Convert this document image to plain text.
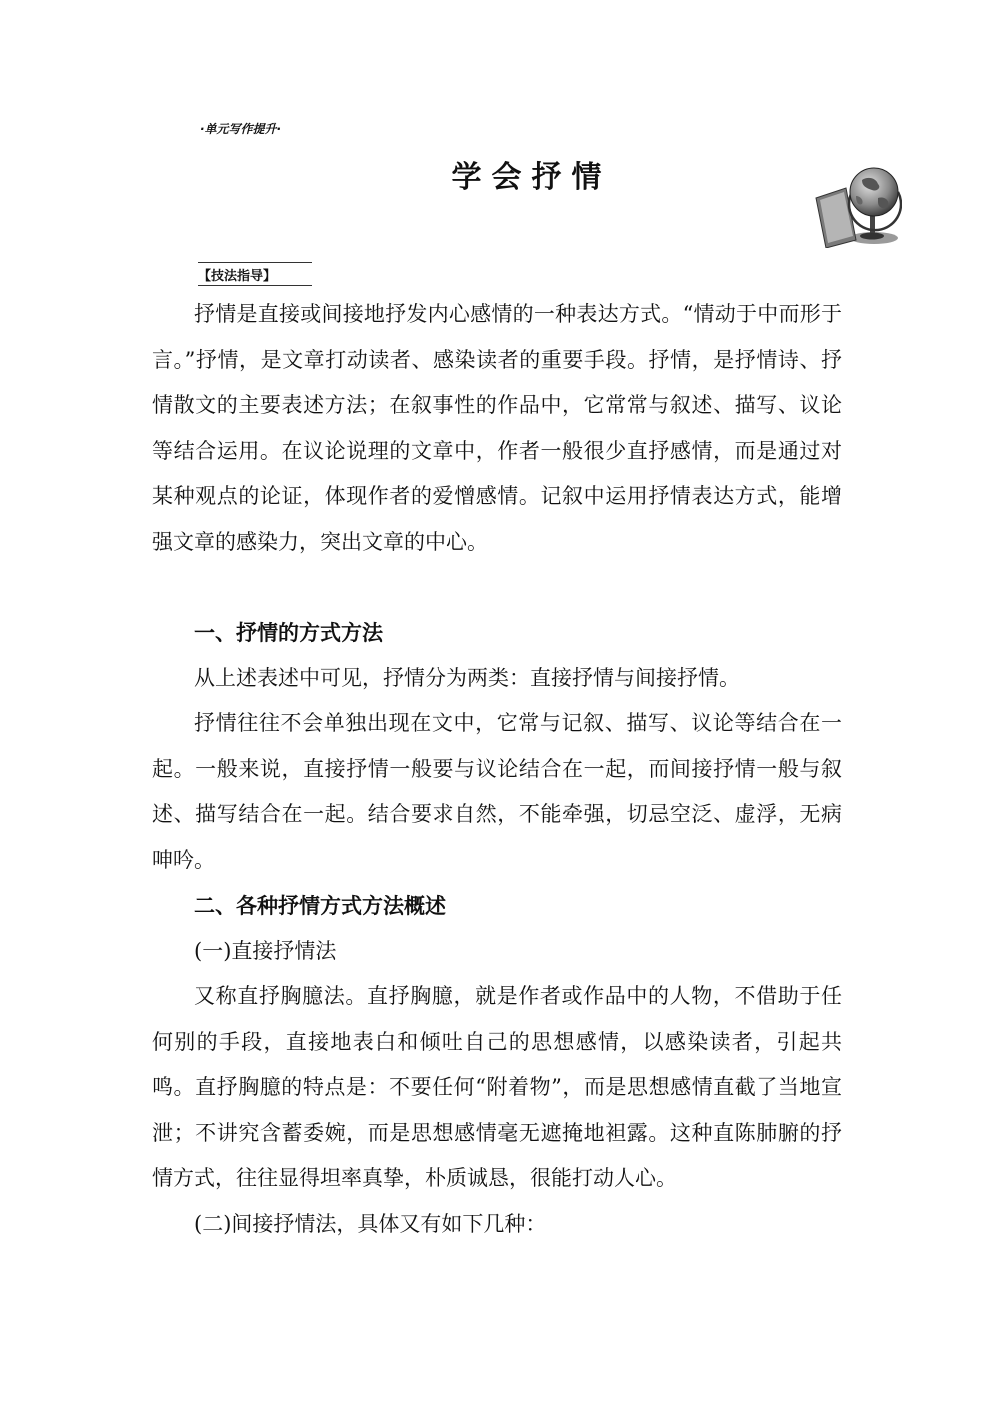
·单元写作提升·
学会抒情
【技法指导】

抒情是直接或间接地抒发内心感情的一种表达方式。“情动于中而形于言。”抒情，是文章打动读者、感染读者的重要手段。抒情，是抒情诗、抒情散文的主要表述方法；在叙事性的作品中，它常常与叙述、描写、议论等结合运用。在议论说理的文章中，作者一般很少直抒感情，而是通过对某种观点的论证，体现作者的爱憎感情。记叙中运用抒情表达方式，能增强文章的感染力，突出文章的中心。

一、抒情的方式方法

从上述表述中可见，抒情分为两类：直接抒情与间接抒情。

抒情往往不会单独出现在文中，它常与记叙、描写、议论等结合在一起。一般来说，直接抒情一般要与议论结合在一起，而间接抒情一般与叙述、描写结合在一起。结合要求自然，不能牵强，切忌空泛、虚浮，无病呻吟。

二、各种抒情方式方法概述

(一)直接抒情法

又称直抒胸臆法。直抒胸臆，就是作者或作品中的人物，不借助于任何别的手段，直接地表白和倾吐自己的思想感情，以感染读者，引起共鸣。直抒胸臆的特点是：不要任何“附着物”，而是思想感情直截了当地宣泄；不讲究含蓄委婉，而是思想感情毫无遮掩地袒露。这种直陈肺腑的抒情方式，往往显得坦率真挚，朴质诚恳，很能打动人心。

(二)间接抒情法，具体又有如下几种：
